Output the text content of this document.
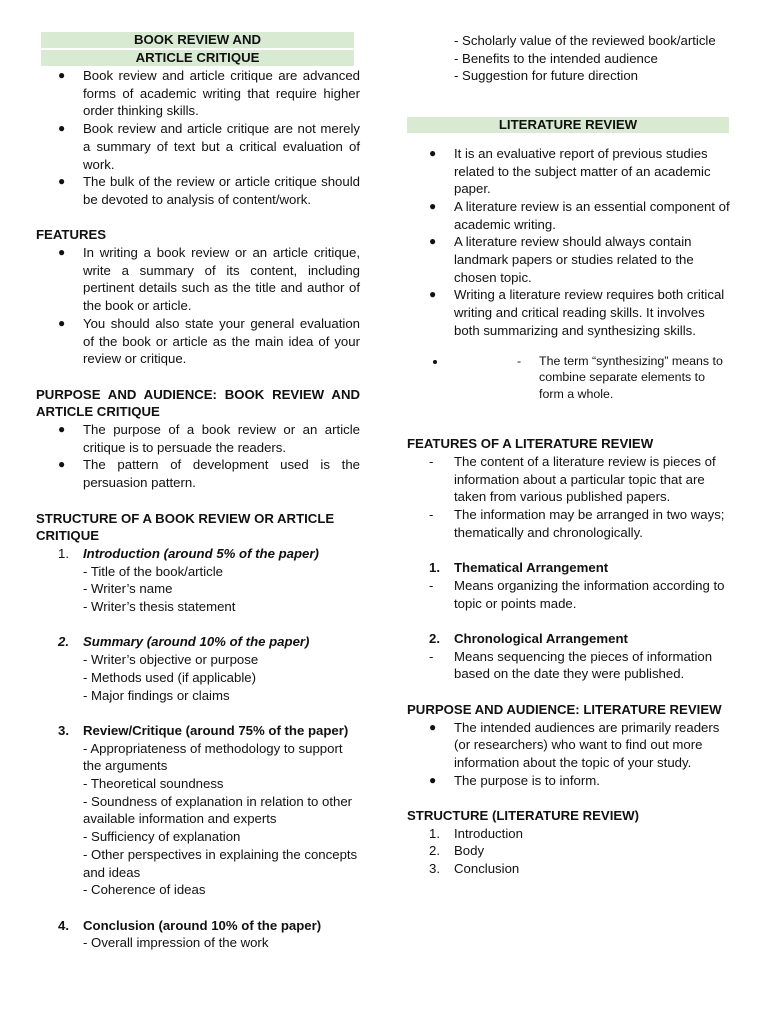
BOOK REVIEW AND
ARTICLE CRITIQUE
● Book review and article critique are advanced forms of academic writing that require higher order thinking skills.
● Book review and article critique are not merely a summary of text but a critical evaluation of work.
● The bulk of the review or article critique should be devoted to analysis of content/work.
FEATURES
● In writing a book review or an article critique, write a summary of its content, including pertinent details such as the title and author of the book or article.
● You should also state your general evaluation of the book or article as the main idea of your review or critique.
PURPOSE AND AUDIENCE: BOOK REVIEW AND ARTICLE CRITIQUE
● The purpose of a book review or an article critique is to persuade the readers.
● The pattern of development used is the persuasion pattern.
STRUCTURE OF A BOOK REVIEW OR ARTICLE CRITIQUE
1. Introduction (around 5% of the paper)
- Title of the book/article
- Writer’s name
- Writer’s thesis statement
2. Summary (around 10% of the paper)
- Writer’s objective or purpose
- Methods used (if applicable)
- Major findings or claims
3. Review/Critique (around 75% of the paper)
- Appropriateness of methodology to support the arguments
- Theoretical soundness
- Soundness of explanation in relation to other available information and experts
- Sufficiency of explanation
- Other perspectives in explaining the concepts and ideas
- Coherence of ideas
4. Conclusion (around 10% of the paper)
- Overall impression of the work
- Scholarly value of the reviewed book/article
- Benefits to the intended audience
- Suggestion for future direction
LITERATURE REVIEW
● It is an evaluative report of previous studies related to the subject matter of an academic paper.
● A literature review is an essential component of academic writing.
● A literature review should always contain landmark papers or studies related to the chosen topic.
● Writing a literature review requires both critical writing and critical reading skills. It involves both summarizing and synthesizing skills.
• - The term “synthesizing” means to combine separate elements to form a whole.
FEATURES OF A LITERATURE REVIEW
- The content of a literature review is pieces of information about a particular topic that are taken from various published papers.
- The information may be arranged in two ways; thematically and chronologically.
1. Thematical Arrangement
- Means organizing the information according to topic or points made.
2. Chronological Arrangement
- Means sequencing the pieces of information based on the date they were published.
PURPOSE AND AUDIENCE: LITERATURE REVIEW
● The intended audiences are primarily readers (or researchers) who want to find out more information about the topic of your study.
● The purpose is to inform.
STRUCTURE (LITERATURE REVIEW)
1. Introduction
2. Body
3. Conclusion
